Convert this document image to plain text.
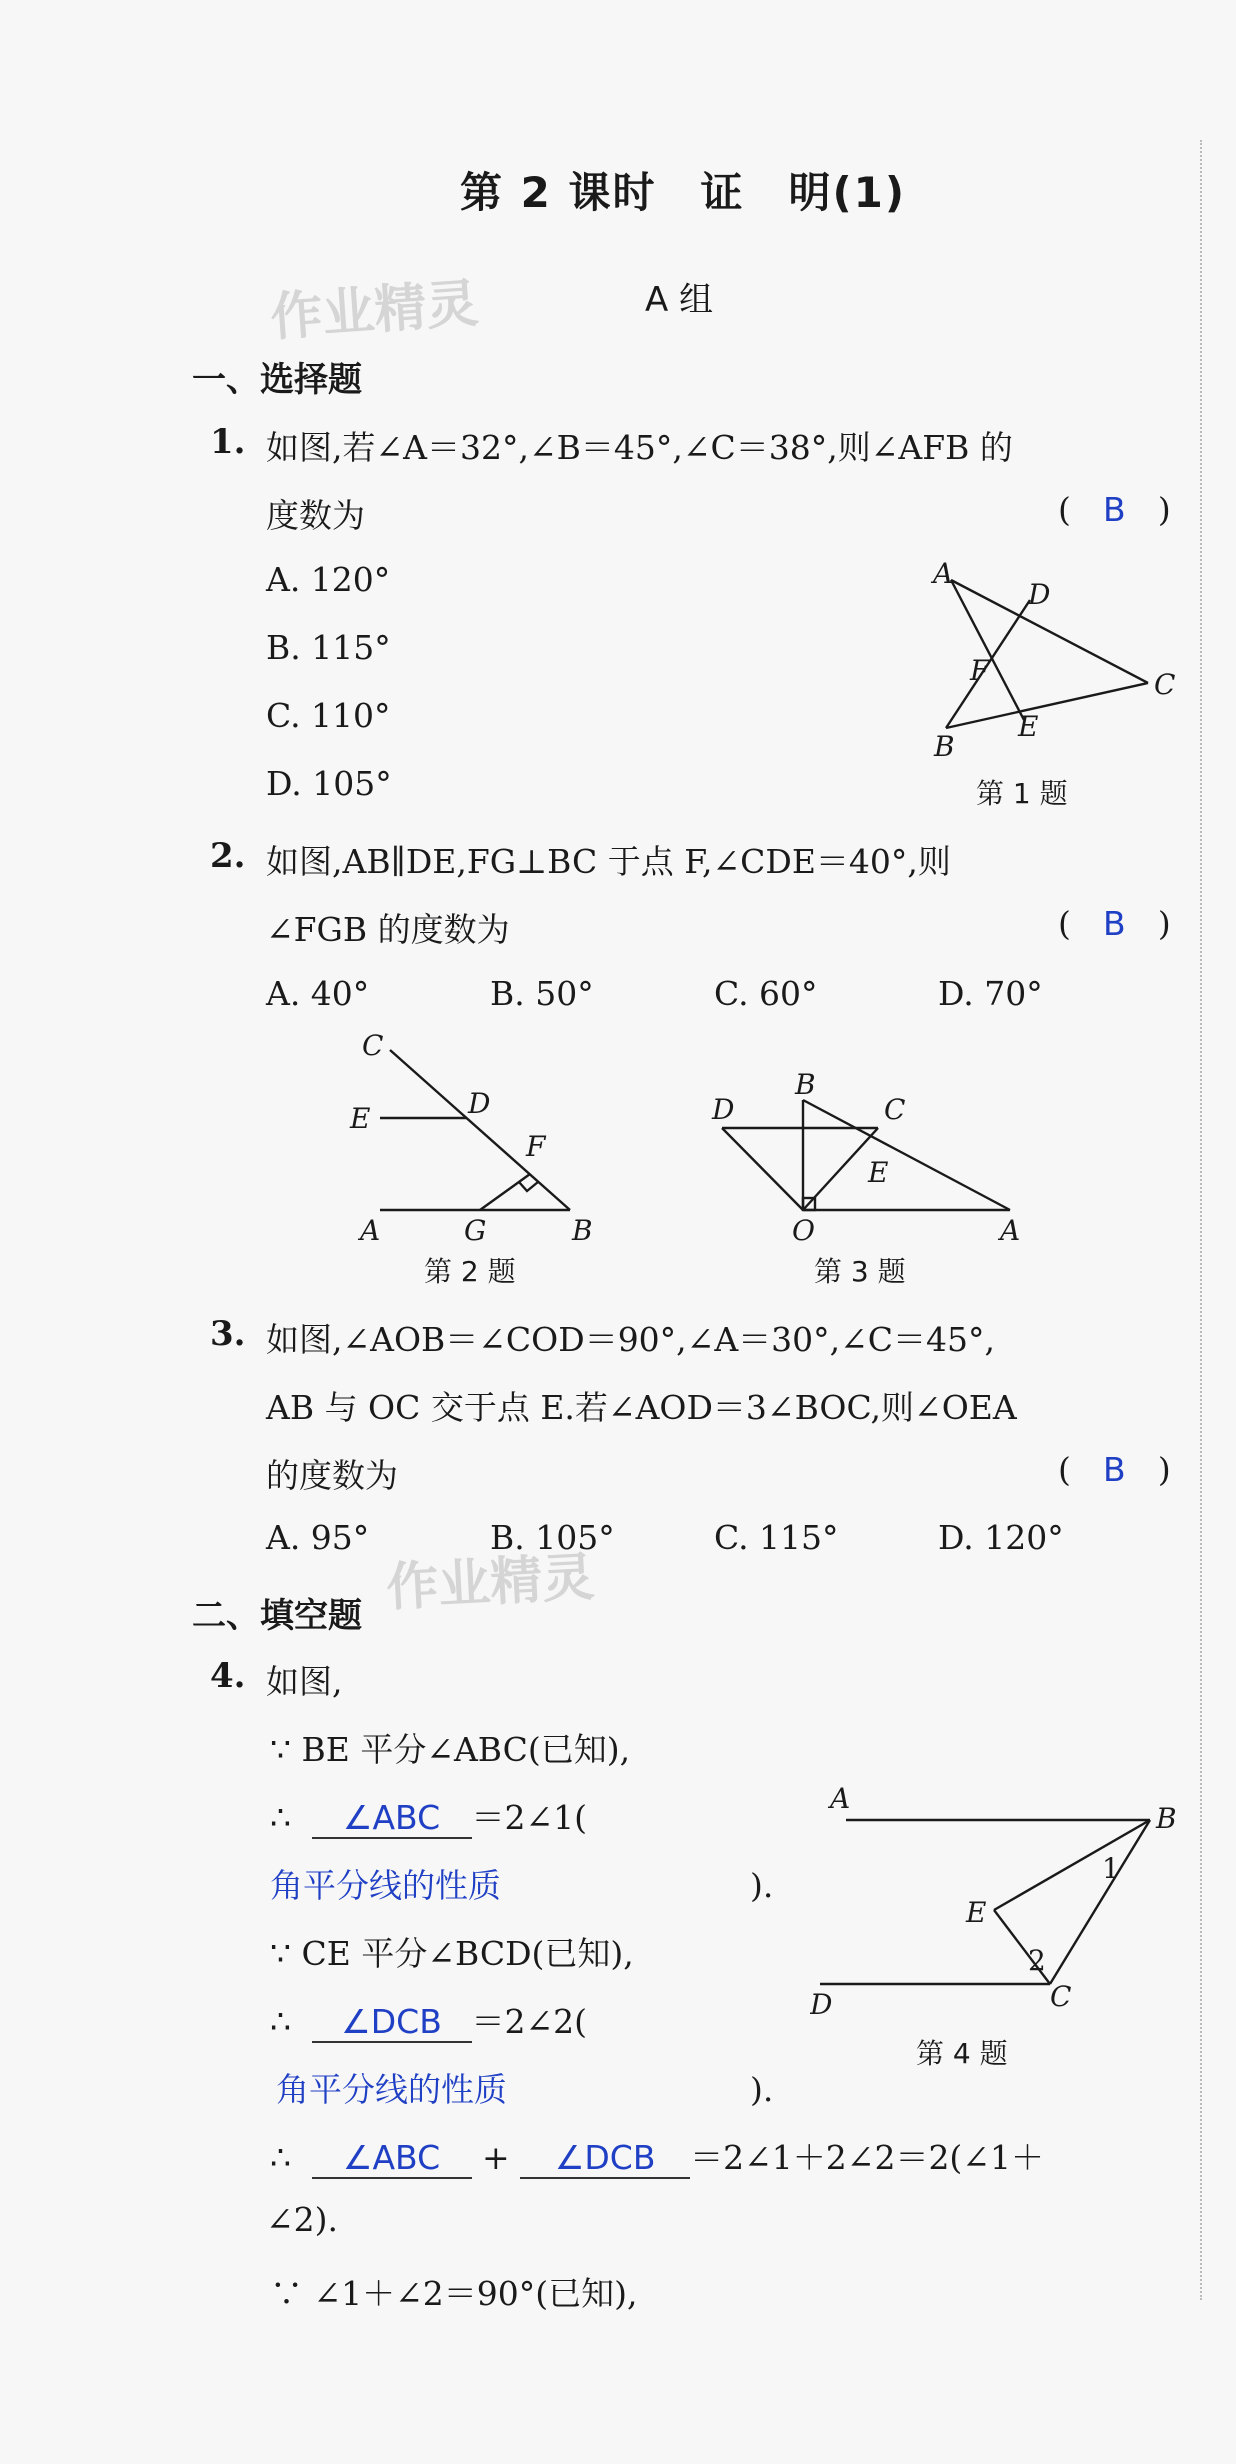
第 2 课时　证　明(1)
作业精灵	A 组
一、选择题
1. 如图,若∠A＝32°,∠B＝45°,∠C＝38°,则∠AFB 的
度数为	( B )
A. 120°
B. 115°
C. 110°
D. 105°
A
D
F	C
B
E
第 1 题
2. 如图,AB∥DE,FG⊥BC 于点 F,∠CDE＝40°,则
∠FGB 的度数为	( B )
A. 40°	B. 50°	C. 60°	D. 70°
C
E	D
F
A	G	B
第 2 题
B
D	C
E
O	A
第 3 题
3. 如图,∠AOB＝∠COD＝90°,∠A＝30°,∠C＝45°,
AB 与 OC 交于点 E.若∠AOD＝3∠BOC,则∠OEA
的度数为	( B )
A. 95°	B. 105°	C. 115°	D. 120°
作业精灵
二、填空题
4. 如图,
∵ BE 平分∠ABC(已知),
∴ ∠ABC ＝2∠1(
角平分线的性质	).
∵ CE 平分∠BCD(已知),
∴ ∠DCB ＝2∠2(
角平分线的性质	).
∴ ∠ABC + ∠DCB ＝2∠1＋2∠2＝2(∠1＋
∠2).
∵ ∠1＋∠2＝90°(已知),
A
B
1
E
2
D	C
第 4 题
